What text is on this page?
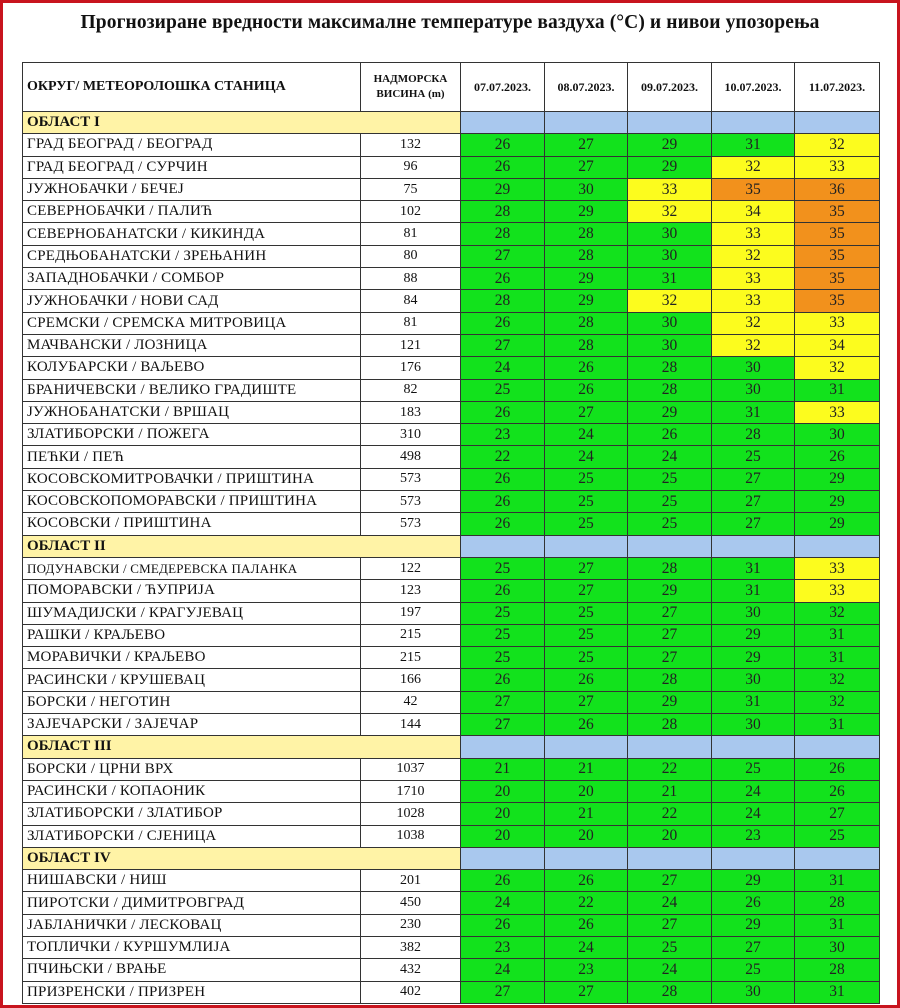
Прогнозиране вредности максималне температуре ваздуха (°C) и нивои упозорења
ОКРУГ/ МЕТЕОРОЛОШКА СТАНИЦА	НАДМОРСКА
ВИСИНА (m)	07.07.2023.	08.07.2023.	09.07.2023.	10.07.2023.	11.07.2023.
ОБЛАСТ I						
ГРАД БЕОГРАД / БЕОГРАД	132	26	27	29	31	32
ГРАД БЕОГРАД / СУРЧИН	96	26	27	29	32	33
ЈУЖНОБАЧКИ / БЕЧЕЈ	75	29	30	33	35	36
СЕВЕРНОБАЧКИ / ПАЛИЋ	102	28	29	32	34	35
СЕВЕРНОБАНАТСКИ / КИКИНДА	81	28	28	30	33	35
СРЕДЊОБАНАТСКИ / ЗРЕЊАНИН	80	27	28	30	32	35
ЗАПАДНОБАЧКИ / СОМБОР	88	26	29	31	33	35
ЈУЖНОБАЧКИ / НОВИ САД	84	28	29	32	33	35
СРЕМСКИ / СРЕМСКА МИТРОВИЦА	81	26	28	30	32	33
МАЧВАНСКИ / ЛОЗНИЦА	121	27	28	30	32	34
КОЛУБАРСКИ / ВАЉЕВО	176	24	26	28	30	32
БРАНИЧЕВСКИ / ВЕЛИКО ГРАДИШТЕ	82	25	26	28	30	31
ЈУЖНОБАНАТСКИ / ВРШАЦ	183	26	27	29	31	33
ЗЛАТИБОРСКИ / ПОЖЕГА	310	23	24	26	28	30
ПЕЋКИ / ПЕЋ	498	22	24	24	25	26
КОСОВСКОМИТРОВАЧКИ / ПРИШТИНА	573	26	25	25	27	29
КОСОВСКОПОМОРАВСКИ / ПРИШТИНА	573	26	25	25	27	29
КОСОВСКИ / ПРИШТИНА	573	26	25	25	27	29
ОБЛАСТ II						
ПОДУНАВСКИ / СМЕДЕРЕВСКА ПАЛАНКА	122	25	27	28	31	33
ПОМОРАВСКИ / ЋУПРИЈА	123	26	27	29	31	33
ШУМАДИЈСКИ / КРАГУЈЕВАЦ	197	25	25	27	30	32
РАШКИ / КРАЉЕВО	215	25	25	27	29	31
МОРАВИЧКИ / КРАЉЕВО	215	25	25	27	29	31
РАСИНСКИ / КРУШЕВАЦ	166	26	26	28	30	32
БОРСКИ / НЕГОТИН	42	27	27	29	31	32
ЗАЈЕЧАРСКИ / ЗАЈЕЧАР	144	27	26	28	30	31
ОБЛАСТ III						
БОРСКИ / ЦРНИ ВРХ	1037	21	21	22	25	26
РАСИНСКИ / КОПАОНИК	1710	20	20	21	24	26
ЗЛАТИБОРСКИ / ЗЛАТИБОР	1028	20	21	22	24	27
ЗЛАТИБОРСКИ / СЈЕНИЦА	1038	20	20	20	23	25
ОБЛАСТ IV						
НИШАВСКИ / НИШ	201	26	26	27	29	31
ПИРОТСКИ / ДИМИТРОВГРАД	450	24	22	24	26	28
ЈАБЛАНИЧКИ / ЛЕСКОВАЦ	230	26	26	27	29	31
ТОПЛИЧКИ / КУРШУМЛИЈА	382	23	24	25	27	30
ПЧИЊСКИ / ВРАЊЕ	432	24	23	24	25	28
ПРИЗРЕНСКИ / ПРИЗРЕН	402	27	27	28	30	31
